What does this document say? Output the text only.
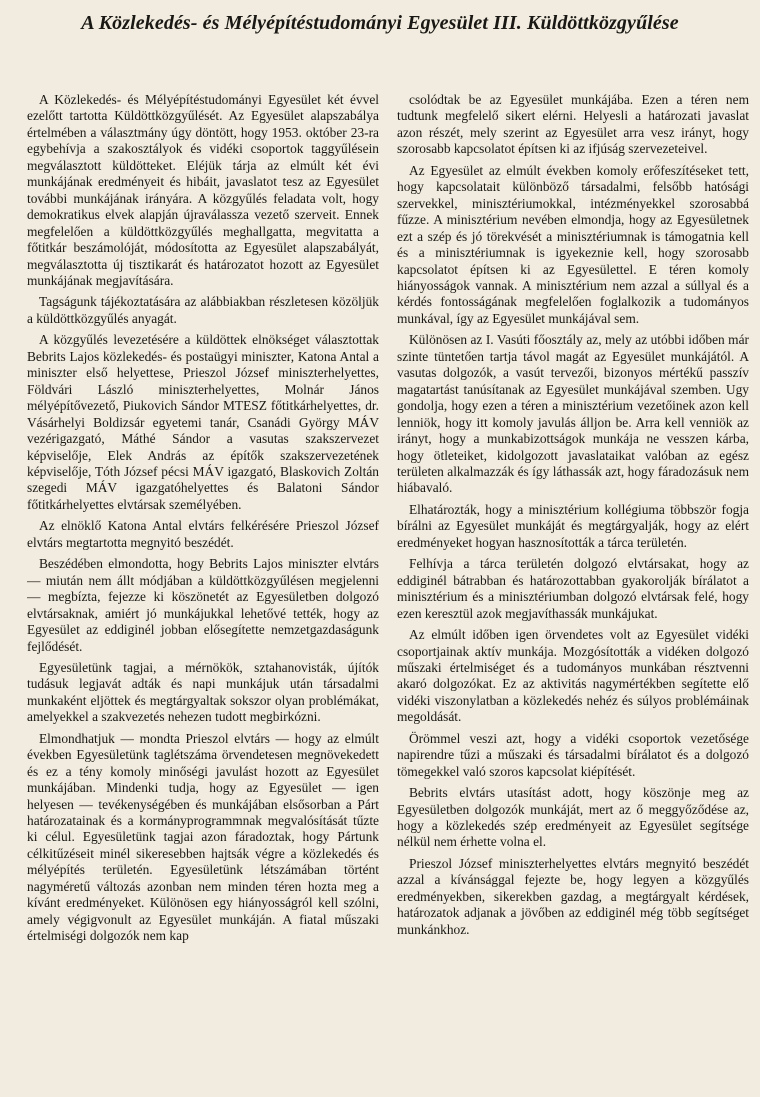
A Közlekedés- és Mélyépítéstudományi Egyesület III. Küldöttközgyűlése

A Közlekedés- és Mélyépítéstudományi Egyesület két évvel ezelőtt tartotta Küldöttközgyűlését. Az Egyesület alapszabálya értelmében a választmány úgy döntött, hogy 1953. október 23-ra egybehívja a szakosztályok és vidéki csoportok taggyűlésein megválasztott küldötteket. Eléjük tárja az elmúlt két évi munkájának eredményeit és hibáit, javaslatot tesz az Egyesület további munkájának irányára. A közgyűlés feladata volt, hogy demokratikus elvek alapján újraválassza vezető szerveit. Ennek megfelelően a küldöttközgyűlés meghallgatta, megvitatta a főtitkár beszámolóját, módosította az Egyesület alapszabályát, megválasztotta új tisztikarát és határozatot hozott az Egyesület munkájának megjavítására.

Tagságunk tájékoztatására az alábbiakban részletesen közöljük a küldöttközgyűlés anyagát.

A közgyűlés levezetésére a küldöttek elnökséget választottak Bebrits Lajos közlekedés- és postaügyi miniszter, Katona Antal a miniszter első helyettese, Prieszol József miniszterhelyettes, Földvári László miniszterhelyettes, Molnár János mélyépítővezető, Piukovich Sándor MTESZ főtitkárhelyettes, dr. Vásárhelyi Boldizsár egyetemi tanár, Csanádi György MÁV vezérigazgató, Máthé Sándor a vasutas szakszervezet képviselője, Elek András az építők szakszervezetének képviselője, Tóth József pécsi MÁV igazgató, Blaskovich Zoltán szegedi MÁV igazgatóhelyettes és Balatoni Sándor főtitkárhelyettes elvtársak személyében.

Az elnöklő Katona Antal elvtárs felkérésére Prieszol József elvtárs megtartotta megnyitó beszédét.

Beszédében elmondotta, hogy Bebrits Lajos miniszter elvtárs — miután nem állt módjában a küldöttközgyűlésen megjelenni — megbízta, fejezze ki köszönetét az Egyesületben dolgozó elvtársaknak, amiért jó munkájukkal lehetővé tették, hogy az Egyesület az eddiginél jobban elősegítette nemzetgazdaságunk fejlődését.

Egyesületünk tagjai, a mérnökök, sztahanovisták, újítók tudásuk legjavát adták és napi munkájuk után társadalmi munkaként eljöttek és megtárgyaltak sokszor olyan problémákat, amelyekkel a szakvezetés nehezen tudott megbirkózni.

Elmondhatjuk — mondta Prieszol elvtárs — hogy az elmúlt években Egyesületünk taglétszáma örvendetesen megnövekedett és ez a tény komoly minőségi javulást hozott az Egyesület munkájában. Mindenki tudja, hogy az Egyesület — igen helyesen — tevékenységében és munkájában elsősorban a Párt határozatainak és a kormányprogrammnak megvalósítását tűzte ki célul. Egyesületünk tagjai azon fáradoztak, hogy Pártunk célkitűzéseit minél sikeresebben hajtsák végre a közlekedés és mélyépítés területén. Egyesületünk létszámában történt nagyméretű változás azonban nem minden téren hozta meg a kívánt eredményeket. Különösen egy hiányosságról kell szólni, amely végigvonult az Egyesület munkáján. A fiatal műszaki értelmiségi dolgozók nem kap

csolódtak be az Egyesület munkájába. Ezen a téren nem tudtunk megfelelő sikert elérni. Helyesli a határozati javaslat azon részét, mely szerint az Egyesület arra vesz irányt, hogy szorosabb kapcsolatot építsen ki az ifjúság szervezeteivel.

Az Egyesület az elmúlt években komoly erőfeszítéseket tett, hogy kapcsolatait különböző társadalmi, felsőbb hatósági szervekkel, minisztériumokkal, intézményekkel szorosabbá fűzze. A minisztérium nevében elmondja, hogy az Egyesületnek ezt a szép és jó törekvését a minisztériumnak is támogatnia kell és a minisztériumnak is igyekeznie kell, hogy szorosabb kapcsolatot építsen ki az Egyesülettel. E téren komoly hiányosságok vannak. A minisztérium nem azzal a súllyal és a kérdés fontosságának megfelelően foglalkozik a tudományos munkával, így az Egyesület munkájával sem.

Különösen az I. Vasúti főosztály az, mely az utóbbi időben már szinte tüntetően tartja távol magát az Egyesület munkájától. A vasutas dolgozók, a vasút tervezői, bizonyos mértékű passzív magatartást tanúsítanak az Egyesület munkájával szemben. Ugy gondolja, hogy ezen a téren a minisztérium vezetőinek azon kell lenniök, hogy itt komoly javulás álljon be. Arra kell venniök az irányt, hogy a munkabizottságok munkája ne vesszen kárba, hogy ötleteiket, kidolgozott javaslataikat valóban az egész területen alkalmazzák és így láthassák azt, hogy fáradozásuk nem hiábavaló.

Elhatározták, hogy a minisztérium kollégiuma többször fogja bírálni az Egyesület munkáját és megtárgyalják, hogy az elért eredményeket hogyan hasznosították a tárca területén.

Felhívja a tárca területén dolgozó elvtársakat, hogy az eddiginél bátrabban és határozottabban gyakorolják bírálatot a minisztérium és a minisztériumban dolgozó elvtársak felé, hogy ezen keresztül azok megjavíthassák munkájukat.

Az elmúlt időben igen örvendetes volt az Egyesület vidéki csoportjainak aktív munkája. Mozgósították a vidéken dolgozó műszaki értelmiséget és a tudományos munkában résztvenni akaró dolgozókat. Ez az aktivitás nagymértékben segítette elő vidéki viszonylatban a közlekedés nehéz és súlyos problémáinak megoldását.

Örömmel veszi azt, hogy a vidéki csoportok vezetősége napirendre tűzi a műszaki és társadalmi bírálatot és a dolgozó tömegekkel való szoros kapcsolat kiépítését.

Bebrits elvtárs utasítást adott, hogy köszönje meg az Egyesületben dolgozók munkáját, mert az ő meggyőződése az, hogy a közlekedés szép eredményeit az Egyesület segítsége nélkül nem érhette volna el.

Prieszol József miniszterhelyettes elvtárs megnyitó beszédét azzal a kívánsággal fejezte be, hogy legyen a közgyűlés eredményekben, sikerekben gazdag, a megtárgyalt kérdések, határozatok adjanak a jövőben az eddiginél még több segítséget munkánkhoz.
